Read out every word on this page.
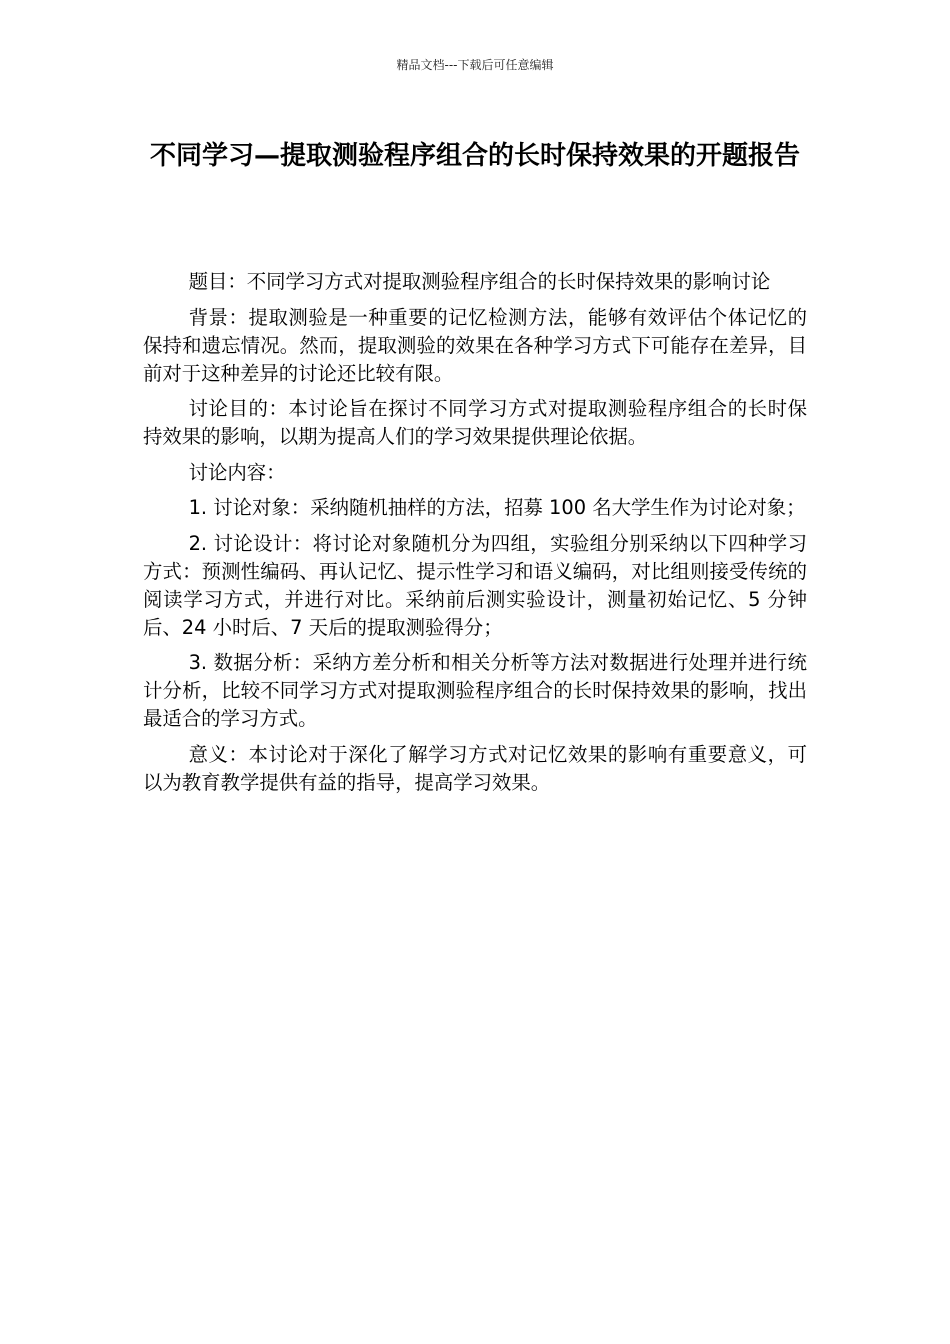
精品文档---下载后可任意编辑
不同学习—提取测验程序组合的长时保持效果的开题报告

题目：不同学习方式对提取测验程序组合的长时保持效果的影响讨论

背景：提取测验是一种重要的记忆检测方法，能够有效评估个体记忆的保持和遗忘情况。然而，提取测验的效果在各种学习方式下可能存在差异，目前对于这种差异的讨论还比较有限。

讨论目的：本讨论旨在探讨不同学习方式对提取测验程序组合的长时保持效果的影响，以期为提高人们的学习效果提供理论依据。

讨论内容：

1. 讨论对象：采纳随机抽样的方法，招募 100 名大学生作为讨论对象；

2. 讨论设计：将讨论对象随机分为四组，实验组分别采纳以下四种学习方式：预测性编码、再认记忆、提示性学习和语义编码，对比组则接受传统的阅读学习方式，并进行对比。采纳前后测实验设计，测量初始记忆、5 分钟后、24 小时后、7 天后的提取测验得分；

3. 数据分析：采纳方差分析和相关分析等方法对数据进行处理并进行统计分析，比较不同学习方式对提取测验程序组合的长时保持效果的影响，找出最适合的学习方式。

意义：本讨论对于深化了解学习方式对记忆效果的影响有重要意义，可以为教育教学提供有益的指导，提高学习效果。
